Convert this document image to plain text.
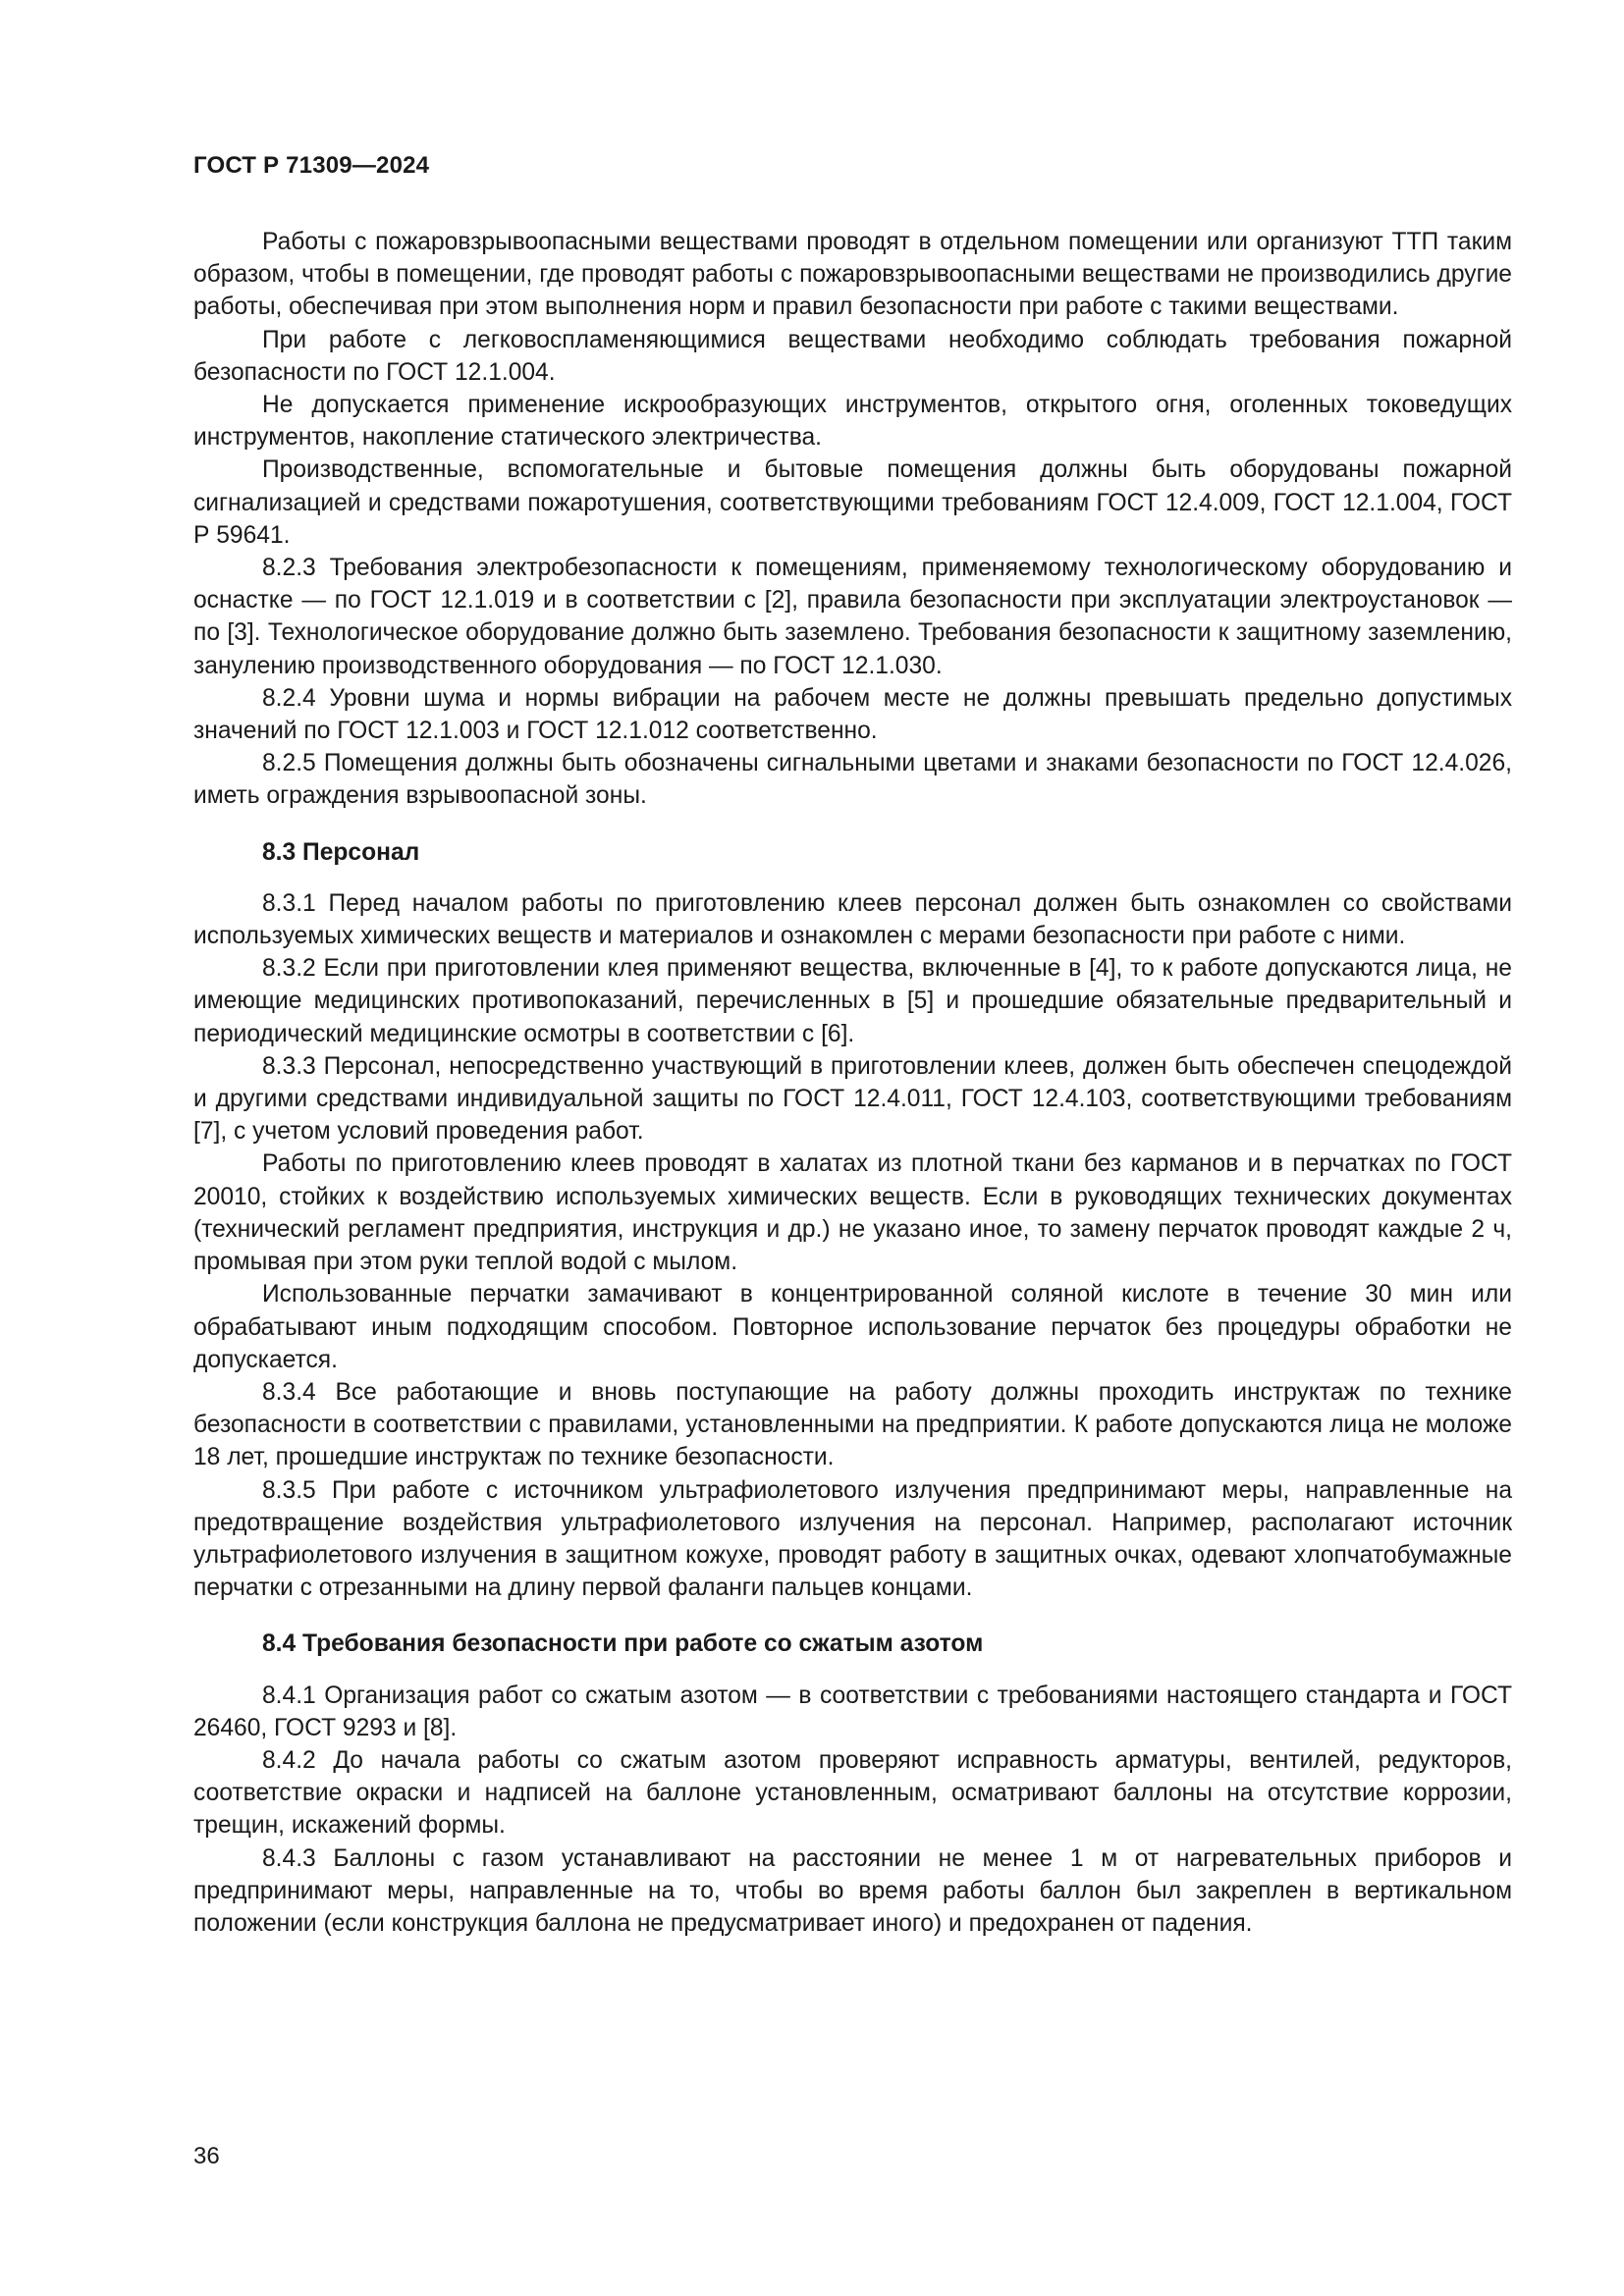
ГОСТ Р 71309—2024

Работы с пожаровзрывоопасными веществами проводят в отдельном помещении или организуют ТТП таким образом, чтобы в помещении, где проводят работы с пожаровзрывоопасными веществами не производились другие работы, обеспечивая при этом выполнения норм и правил безопасности при работе с такими веществами.

При работе с легковоспламеняющимися веществами необходимо соблюдать требования пожарной безопасности по ГОСТ 12.1.004.

Не допускается применение искрообразующих инструментов, открытого огня, оголенных токоведущих инструментов, накопление статического электричества.

Производственные, вспомогательные и бытовые помещения должны быть оборудованы пожарной сигнализацией и средствами пожаротушения, соответствующими требованиям ГОСТ 12.4.009, ГОСТ 12.1.004, ГОСТ Р 59641.

8.2.3 Требования электробезопасности к помещениям, применяемому технологическому оборудованию и оснастке — по ГОСТ 12.1.019 и в соответствии с [2], правила безопасности при эксплуатации электроустановок — по [3]. Технологическое оборудование должно быть заземлено. Требования безопасности к защитному заземлению, занулению производственного оборудования — по ГОСТ 12.1.030.

8.2.4 Уровни шума и нормы вибрации на рабочем месте не должны превышать предельно допустимых значений по ГОСТ 12.1.003 и ГОСТ 12.1.012 соответственно.

8.2.5 Помещения должны быть обозначены сигнальными цветами и знаками безопасности по ГОСТ 12.4.026, иметь ограждения взрывоопасной зоны.

8.3 Персонал

8.3.1 Перед началом работы по приготовлению клеев персонал должен быть ознакомлен со свойствами используемых химических веществ и материалов и ознакомлен с мерами безопасности при работе с ними.

8.3.2 Если при приготовлении клея применяют вещества, включенные в [4], то к работе допускаются лица, не имеющие медицинских противопоказаний, перечисленных в [5] и прошедшие обязательные предварительный и периодический медицинские осмотры в соответствии с [6].

8.3.3 Персонал, непосредственно участвующий в приготовлении клеев, должен быть обеспечен спецодеждой и другими средствами индивидуальной защиты по ГОСТ 12.4.011, ГОСТ 12.4.103, соответствующими требованиям [7], с учетом условий проведения работ.

Работы по приготовлению клеев проводят в халатах из плотной ткани без карманов и в перчатках по ГОСТ 20010, стойких к воздействию используемых химических веществ. Если в руководящих технических документах (технический регламент предприятия, инструкция и др.) не указано иное, то замену перчаток проводят каждые 2 ч, промывая при этом руки теплой водой с мылом.

Использованные перчатки замачивают в концентрированной соляной кислоте в течение 30 мин или обрабатывают иным подходящим способом. Повторное использование перчаток без процедуры обработки не допускается.

8.3.4 Все работающие и вновь поступающие на работу должны проходить инструктаж по технике безопасности в соответствии с правилами, установленными на предприятии. К работе допускаются лица не моложе 18 лет, прошедшие инструктаж по технике безопасности.

8.3.5 При работе с источником ультрафиолетового излучения предпринимают меры, направленные на предотвращение воздействия ультрафиолетового излучения на персонал. Например, располагают источник ультрафиолетового излучения в защитном кожухе, проводят работу в защитных очках, одевают хлопчатобумажные перчатки с отрезанными на длину первой фаланги пальцев концами.

8.4 Требования безопасности при работе со сжатым азотом

8.4.1 Организация работ со сжатым азотом — в соответствии с требованиями настоящего стандарта и ГОСТ 26460, ГОСТ 9293 и [8].

8.4.2 До начала работы со сжатым азотом проверяют исправность арматуры, вентилей, редукторов, соответствие окраски и надписей на баллоне установленным, осматривают баллоны на отсутствие коррозии, трещин, искажений формы.

8.4.3 Баллоны с газом устанавливают на расстоянии не менее 1 м от нагревательных приборов и предпринимают меры, направленные на то, чтобы во время работы баллон был закреплен в вертикальном положении (если конструкция баллона не предусматривает иного) и предохранен от падения.

36
